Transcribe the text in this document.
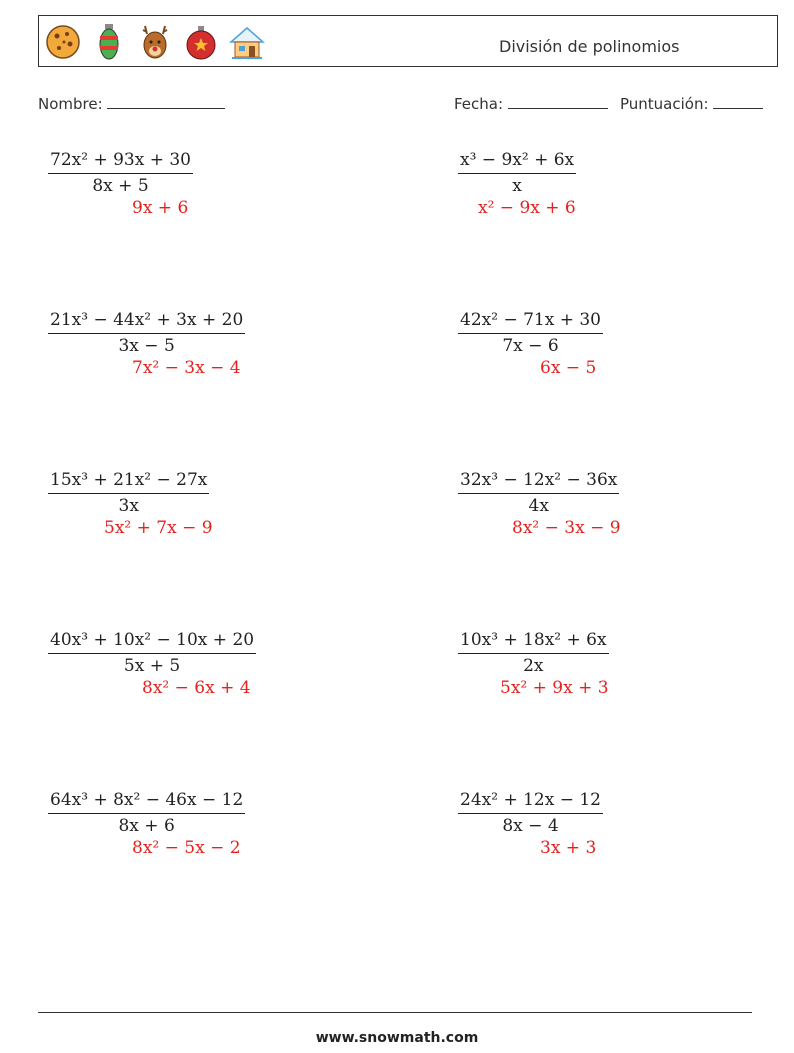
División de polinomios
Nombre:	Fecha:	Puntuación:
$\frac{\text{72x² + 93x + 30}}{8x + 5}$
9x + 6
$\frac{\text{x³ − 9x² + 6x}}{x}$
x² − 9x + 6
$\frac{\text{21x³ − 44x² + 3x + 20}}{3x - 5}$
7x² − 3x − 4
$\frac{\text{42x² − 71x + 30}}{7x - 6}$
6x − 5
$\frac{\text{15x³ + 21x² − 27x}}{3x}$
5x² + 7x − 9
$\frac{\text{32x³ − 12x² − 36x}}{4x}$
8x² − 3x − 9
$\frac{\text{40x³ + 10x² − 10x + 20}}{5x + 5}$
8x² − 6x + 4
$\frac{\text{10x³ + 18x² + 6x}}{2x}$
5x² + 9x + 3
$\frac{\text{64x³ + 8x² − 46x − 12}}{8x + 6}$
8x² − 5x − 2
$\frac{\text{24x² + 12x − 12}}{8x - 4}$
3x + 3
www.snowmath.com
